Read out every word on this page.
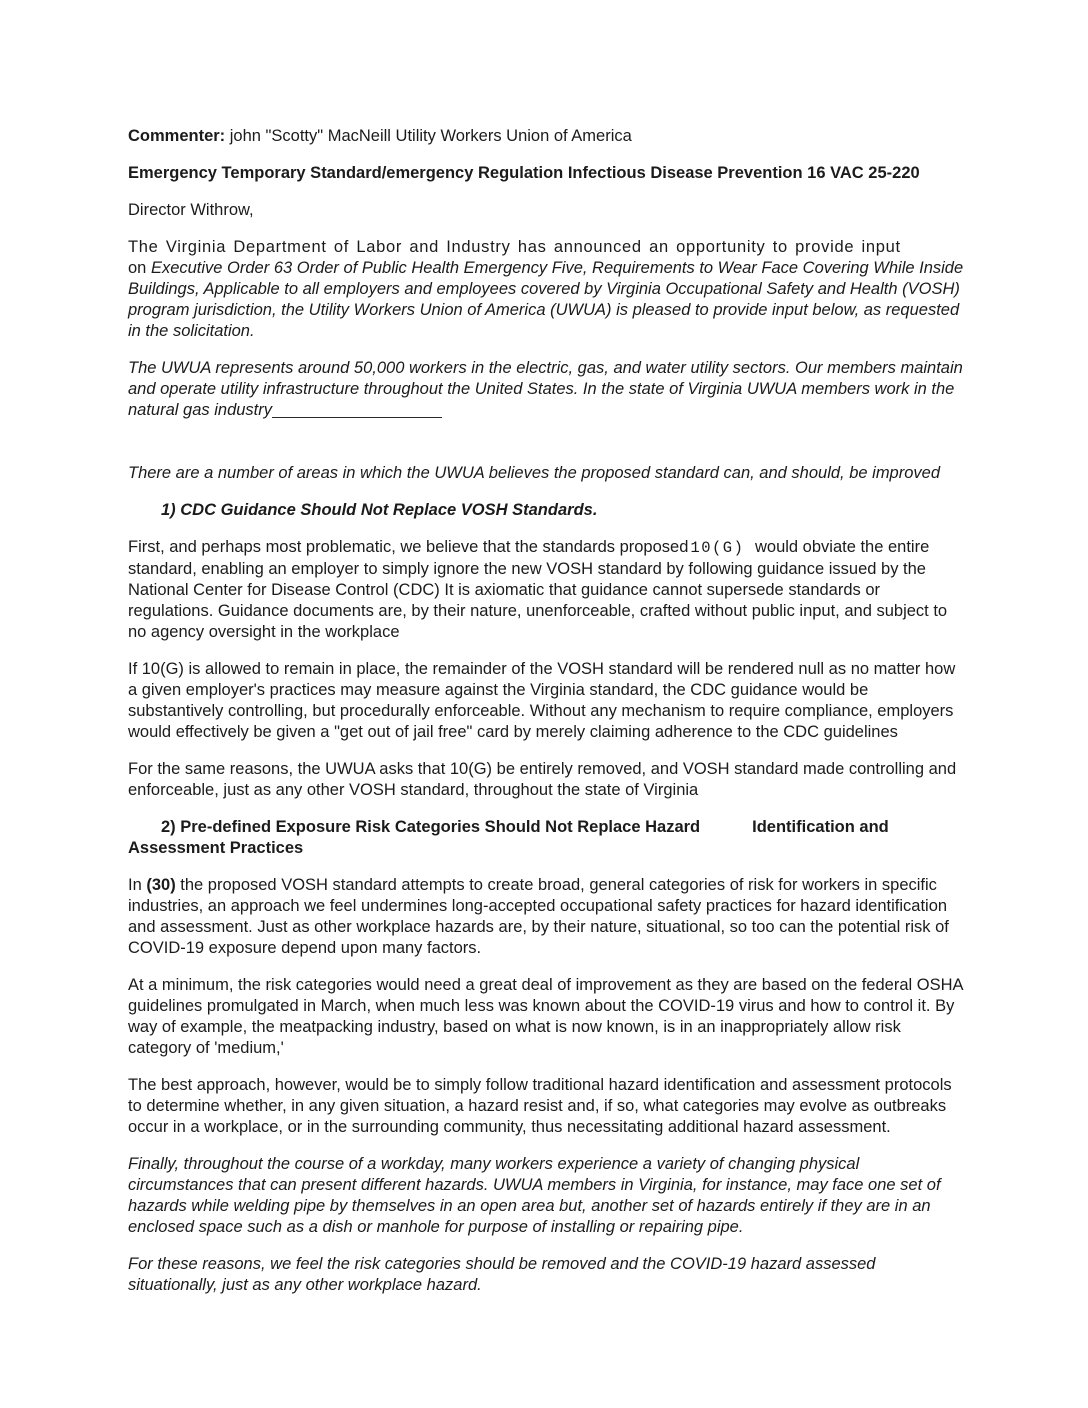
Commenter: john "Scotty" MacNeill Utility Workers Union of America

Emergency Temporary Standard/emergency Regulation Infectious Disease Prevention 16 VAC 25-220

Director Withrow,

The Virginia Department of Labor and Industry has announced an opportunity to provide input
on Executive Order 63 Order of Public Health Emergency Five, Requirements to Wear Face Covering While Inside Buildings, Applicable to all employers and employees covered by Virginia Occupational Safety and Health (VOSH) program jurisdiction, the Utility Workers Union of America (UWUA) is pleased to provide input below, as requested in the solicitation.

The UWUA represents around 50,000 workers in the electric, gas, and water utility sectors. Our members maintain and operate utility infrastructure throughout the United States. In the state of Virginia UWUA members work in the natural gas industry

There are a number of areas in which the UWUA believes the proposed standard can, and should, be improved

1) CDC Guidance Should Not Replace VOSH Standards.

First, and perhaps most problematic, we believe that the standards proposed 10(G) would obviate the entire standard, enabling an employer to simply ignore the new VOSH standard by following guidance issued by the National Center for Disease Control (CDC) It is axiomatic that guidance cannot supersede standards or regulations. Guidance documents are, by their nature, unenforceable, crafted without public input, and subject to no agency oversight in the workplace

If 10(G) is allowed to remain in place, the remainder of the VOSH standard will be rendered null as no matter how a given employer's practices may measure against the Virginia standard, the CDC guidance would be substantively controlling, but procedurally enforceable. Without any mechanism to require compliance, employers would effectively be given a "get out of jail free" card by merely claiming adherence to the CDC guidelines

For the same reasons, the UWUA asks that 10(G) be entirely removed, and VOSH standard made controlling and enforceable, just as any other VOSH standard, throughout the state of Virginia

2) Pre-defined Exposure Risk Categories Should Not Replace Hazard	Identification and
Assessment Practices

In (30) the proposed VOSH standard attempts to create broad, general categories of risk for workers in specific industries, an approach we feel undermines long-accepted occupational safety practices for hazard identification and assessment. Just as other workplace hazards are, by their nature, situational, so too can the potential risk of COVID-19 exposure depend upon many factors.

At a minimum, the risk categories would need a great deal of improvement as they are based on the federal OSHA guidelines promulgated in March, when much less was known about the COVID-19 virus and how to control it. By way of example, the meatpacking industry, based on what is now known, is in an inappropriately allow risk category of 'medium,'

The best approach, however, would be to simply follow traditional hazard identification and assessment protocols to determine whether, in any given situation, a hazard resist and, if so, what categories may evolve as outbreaks occur in a workplace, or in the surrounding community, thus necessitating additional hazard assessment.

Finally, throughout the course of a workday, many workers experience a variety of changing physical circumstances that can present different hazards. UWUA members in Virginia, for instance, may face one set of hazards while welding pipe by themselves in an open area but, another set of hazards entirely if they are in an enclosed space such as a dish or manhole for purpose of installing or repairing pipe.

For these reasons, we feel the risk categories should be removed and the COVID-19 hazard assessed situationally, just as any other workplace hazard.
